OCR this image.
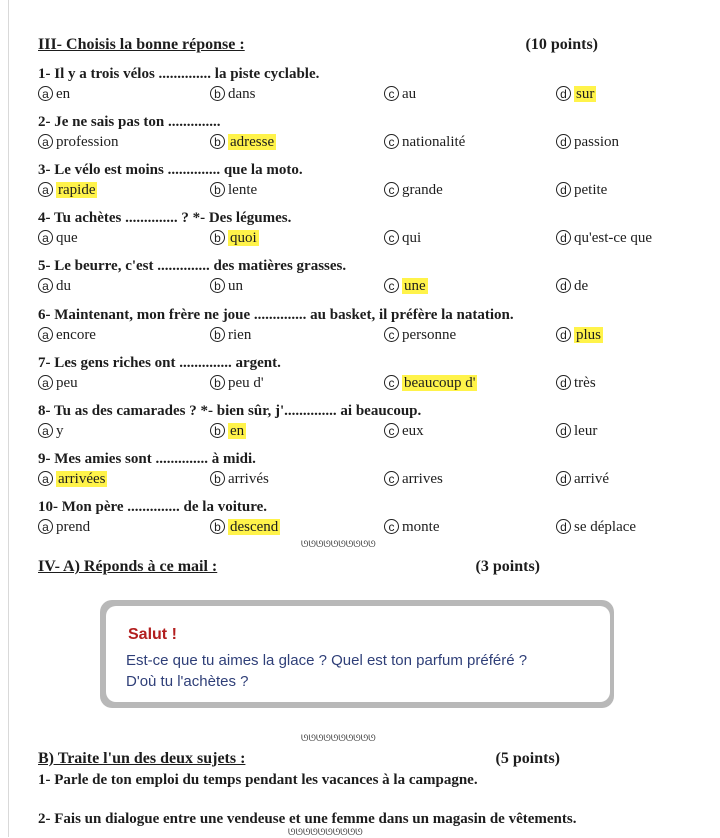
III- Choisis la bonne réponse :	(10 points)
1- Il y a trois vélos .............. la piste cyclable.
a en	b dans	c au	d sur
2- Je ne sais pas ton ..............
a profession	b adresse	c nationalité	d passion
3- Le vélo est moins .............. que la moto.
a rapide	b lente	c grande	d petite
4- Tu achètes .............. ? *- Des légumes.
a que	b quoi	c qui	d qu'est-ce que
5- Le beurre, c'est .............. des matières grasses.
a du	b un	c une	d de
6- Maintenant, mon frère ne joue .............. au basket, il préfère la natation.
a encore	b rien	c personne	d plus
7- Les gens riches ont .............. argent.
a peu	b peu d'	c beaucoup d'	d très
8- Tu as des camarades ? *- bien sûr, j'.............. ai beaucoup.
a y	b en	c eux	d leur
9- Mes amies sont .............. à midi.
a arrivées	b arrivés	c arrives	d arrivé
10- Mon père .............. de la voiture.
a prend	b descend	c monte	d se déplace
ᘎᘎᘎᘎᘎᘎᘎᘎᘎᘎ
IV- A) Réponds à ce mail :	(3 points)
Salut !
Est-ce que tu aimes la glace ? Quel est ton parfum préféré ?
D'où tu l'achètes ?
ᘎᘎᘎᘎᘎᘎᘎᘎᘎᘎ
B) Traite l'un des deux sujets :	(5 points)
1- Parle de ton emploi du temps pendant les vacances à la campagne.
2- Fais un dialogue entre une vendeuse et une femme dans un magasin de vêtements.
ᘎᘎᘎᘎᘎᘎᘎᘎᘎᘎ
